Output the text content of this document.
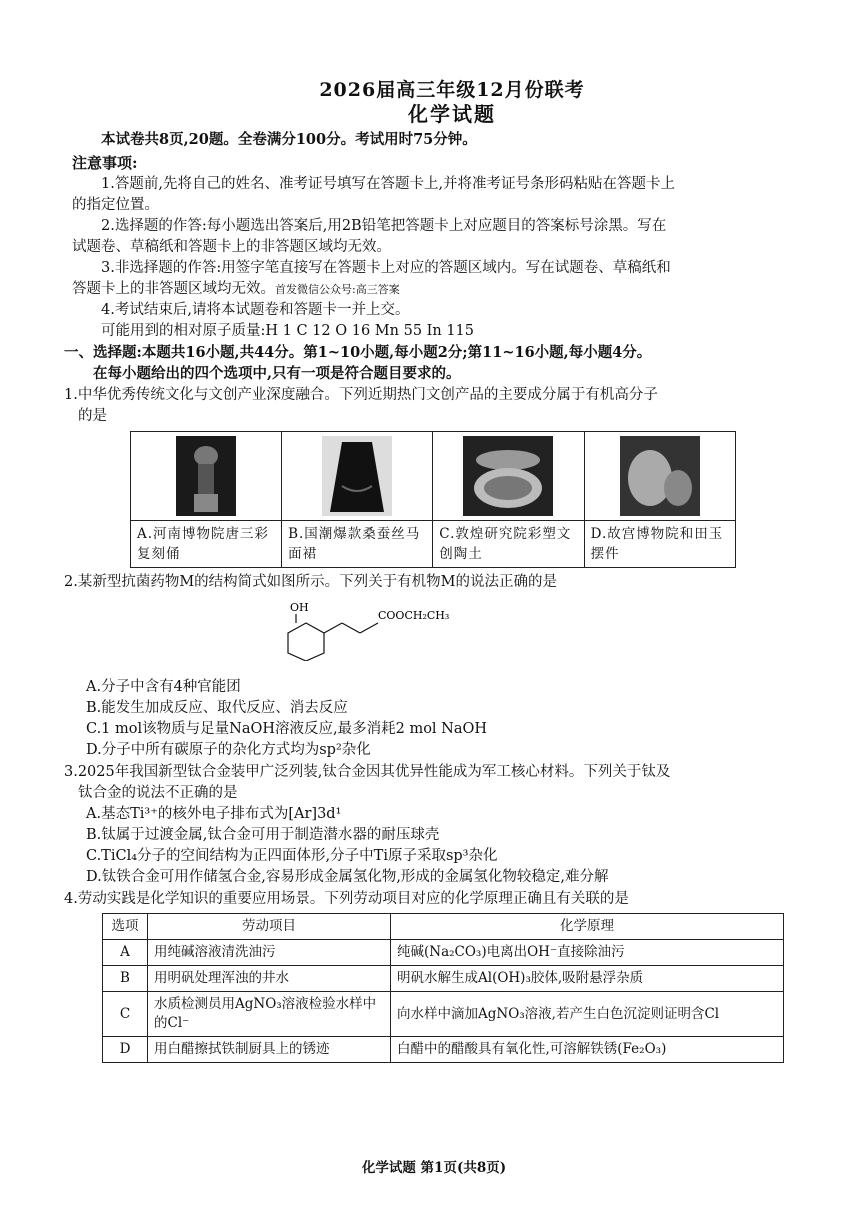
2026届高三年级12月份联考
化学试题
本试卷共8页,20题。全卷满分100分。考试用时75分钟。
注意事项:
1.答题前,先将自己的姓名、准考证号填写在答题卡上,并将准考证号条形码粘贴在答题卡上
的指定位置。
2.选择题的作答:每小题选出答案后,用2B铅笔把答题卡上对应题目的答案标号涂黑。写在
试题卷、草稿纸和答题卡上的非答题区域均无效。
3.非选择题的作答:用签字笔直接写在答题卡上对应的答题区域内。写在试题卷、草稿纸和
答题卡上的非答题区域均无效。首发微信公众号:高三答案
4.考试结束后,请将本试题卷和答题卡一并上交。
可能用到的相对原子质量:H 1 C 12 O 16 Mn 55 In 115
一、选择题:本题共16小题,共44分。第1~10小题,每小题2分;第11~16小题,每小题4分。
在每小题给出的四个选项中,只有一项是符合题目要求的。
1.中华优秀传统文化与文创产业深度融合。下列近期热门文创产品的主要成分属于有机高分子
的是
A.河南博物院唐三彩复刻俑

B.国潮爆款桑蚕丝马面裙

C.敦煌研究院彩塑文创陶土

D.故宫博物院和田玉摆件
2.某新型抗菌药物M的结构简式如图所示。下列关于有机物M的说法正确的是
OH
COOCH₂CH₃
A.分子中含有4种官能团
B.能发生加成反应、取代反应、消去反应
C.1 mol该物质与足量NaOH溶液反应,最多消耗2 mol NaOH
D.分子中所有碳原子的杂化方式均为sp²杂化
3.2025年我国新型钛合金装甲广泛列装,钛合金因其优异性能成为军工核心材料。下列关于钛及
钛合金的说法不正确的是
A.基态Ti³⁺的核外电子排布式为[Ar]3d¹
B.钛属于过渡金属,钛合金可用于制造潜水器的耐压球壳
C.TiCl₄分子的空间结构为正四面体形,分子中Ti原子采取sp³杂化
D.钛铁合金可用作储氢合金,容易形成金属氢化物,形成的金属氢化物较稳定,难分解
4.劳动实践是化学知识的重要应用场景。下列劳动项目对应的化学原理正确且有关联的是
选项	劳动项目	化学原理
A	用纯碱溶液清洗油污	纯碱(Na₂CO₃)电离出OH⁻直接除油污
B	用明矾处理浑浊的井水	明矾水解生成Al(OH)₃胶体,吸附悬浮杂质
C	水质检测员用AgNO₃溶液检验水样中的Cl⁻	向水样中滴加AgNO₃溶液,若产生白色沉淀则证明含Cl
D	用白醋擦拭铁制厨具上的锈迹	白醋中的醋酸具有氧化性,可溶解铁锈(Fe₂O₃)
化学试题 第1页(共8页)
